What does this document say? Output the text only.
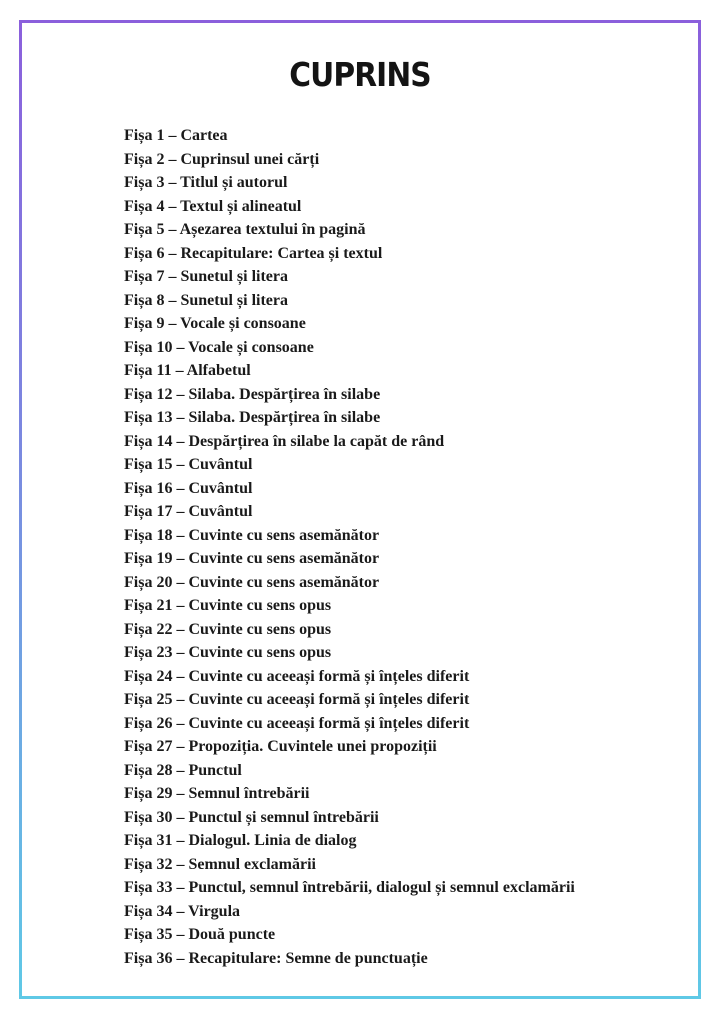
CUPRINS
Fișa 1 – Cartea
Fișa 2 – Cuprinsul unei cărți
Fișa 3 – Titlul și autorul
Fișa 4 – Textul și alineatul
Fișa 5 – Așezarea textului în pagină
Fișa 6 – Recapitulare: Cartea și textul
Fișa 7 – Sunetul și litera
Fișa 8 – Sunetul și litera
Fișa 9 – Vocale și consoane
Fișa 10 – Vocale și consoane
Fișa 11 – Alfabetul
Fișa 12 – Silaba. Despărțirea în silabe
Fișa 13 – Silaba. Despărțirea în silabe
Fișa 14 – Despărțirea în silabe la capăt de rând
Fișa 15 – Cuvântul
Fișa 16 – Cuvântul
Fișa 17 – Cuvântul
Fișa 18 – Cuvinte cu sens asemănător
Fișa 19 – Cuvinte cu sens asemănător
Fișa 20 – Cuvinte cu sens asemănător
Fișa 21 – Cuvinte cu sens opus
Fișa 22 – Cuvinte cu sens opus
Fișa 23 – Cuvinte cu sens opus
Fișa 24 – Cuvinte cu aceeași formă și înțeles diferit
Fișa 25 – Cuvinte cu aceeași formă și înțeles diferit
Fișa 26 – Cuvinte cu aceeași formă și înțeles diferit
Fișa 27 – Propoziția. Cuvintele unei propoziții
Fișa 28 – Punctul
Fișa 29 – Semnul întrebării
Fișa 30 – Punctul și semnul întrebării
Fișa 31 – Dialogul. Linia de dialog
Fișa 32 – Semnul exclamării
Fișa 33 – Punctul, semnul întrebării, dialogul și semnul exclamării
Fișa 34 – Virgula
Fișa 35 – Două puncte
Fișa 36 – Recapitulare: Semne de punctuație
